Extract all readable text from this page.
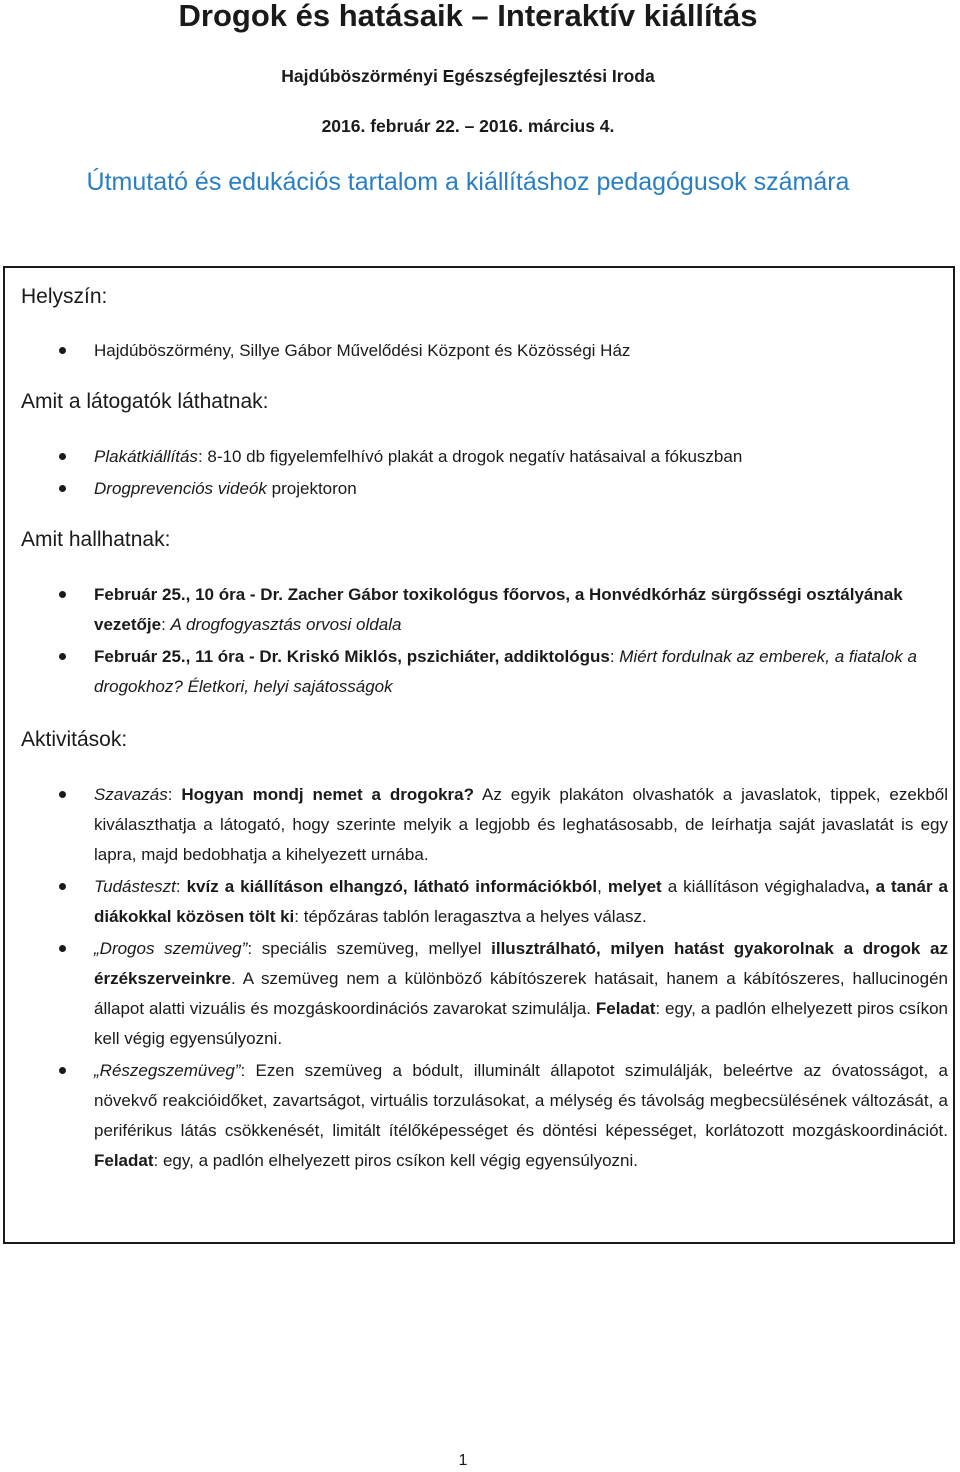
Drogok és hatásaik – Interaktív kiállítás

Hajdúböszörményi Egészségfejlesztési Iroda

2016. február 22. – 2016. március 4.

Útmutató és edukációs tartalom a kiállításhoz pedagógusok számára

Helyszín:

Hajdúböszörmény, Sillye Gábor Művelődési Központ és Közösségi Ház

Amit a látogatók láthatnak:

Plakátkiállítás: 8-10 db figyelemfelhívó plakát a drogok negatív hatásaival a fókuszban

Drogprevenciós videók projektoron

Amit hallhatnak:

Február 25., 10 óra - Dr. Zacher Gábor toxikológus főorvos, a Honvédkórház sürgősségi osztályának vezetője: A drogfogyasztás orvosi oldala

Február 25., 11 óra - Dr. Kriskó Miklós, pszichiáter, addiktológus: Miért fordulnak az emberek, a fiatalok a drogokhoz? Életkori, helyi sajátosságok

Aktivitások:

Szavazás: Hogyan mondj nemet a drogokra? Az egyik plakáton olvashatók a javaslatok, tippek, ezekből kiválaszthatja a látogató, hogy szerinte melyik a legjobb és leghatásosabb, de leírhatja saját javaslatát is egy lapra, majd bedobhatja a kihelyezett urnába.

Tudásteszt: kvíz a kiállításon elhangzó, látható információkból, melyet a kiállításon végighaladva, a tanár a diákokkal közösen tölt ki: tépőzáras tablón leragasztva a helyes válasz.

„Drogos szemüveg”: speciális szemüveg, mellyel illusztrálható, milyen hatást gyakorolnak a drogok az érzékszerveinkre. A szemüveg nem a különböző kábítószerek hatásait, hanem a kábítószeres, hallucinogén állapot alatti vizuális és mozgáskoordinációs zavarokat szimulálja. Feladat: egy, a padlón elhelyezett piros csíkon kell végig egyensúlyozni.

„Részegszemüveg”: Ezen szemüveg a bódult, illuminált állapotot szimulálják, beleértve az óvatosságot, a növekvő reakcióidőket, zavartságot, virtuális torzulásokat, a mélység és távolság megbecsülésének változását, a periférikus látás csökkenését, limitált ítélőképességet és döntési képességet, korlátozott mozgáskoordinációt. Feladat: egy, a padlón elhelyezett piros csíkon kell végig egyensúlyozni.

1
